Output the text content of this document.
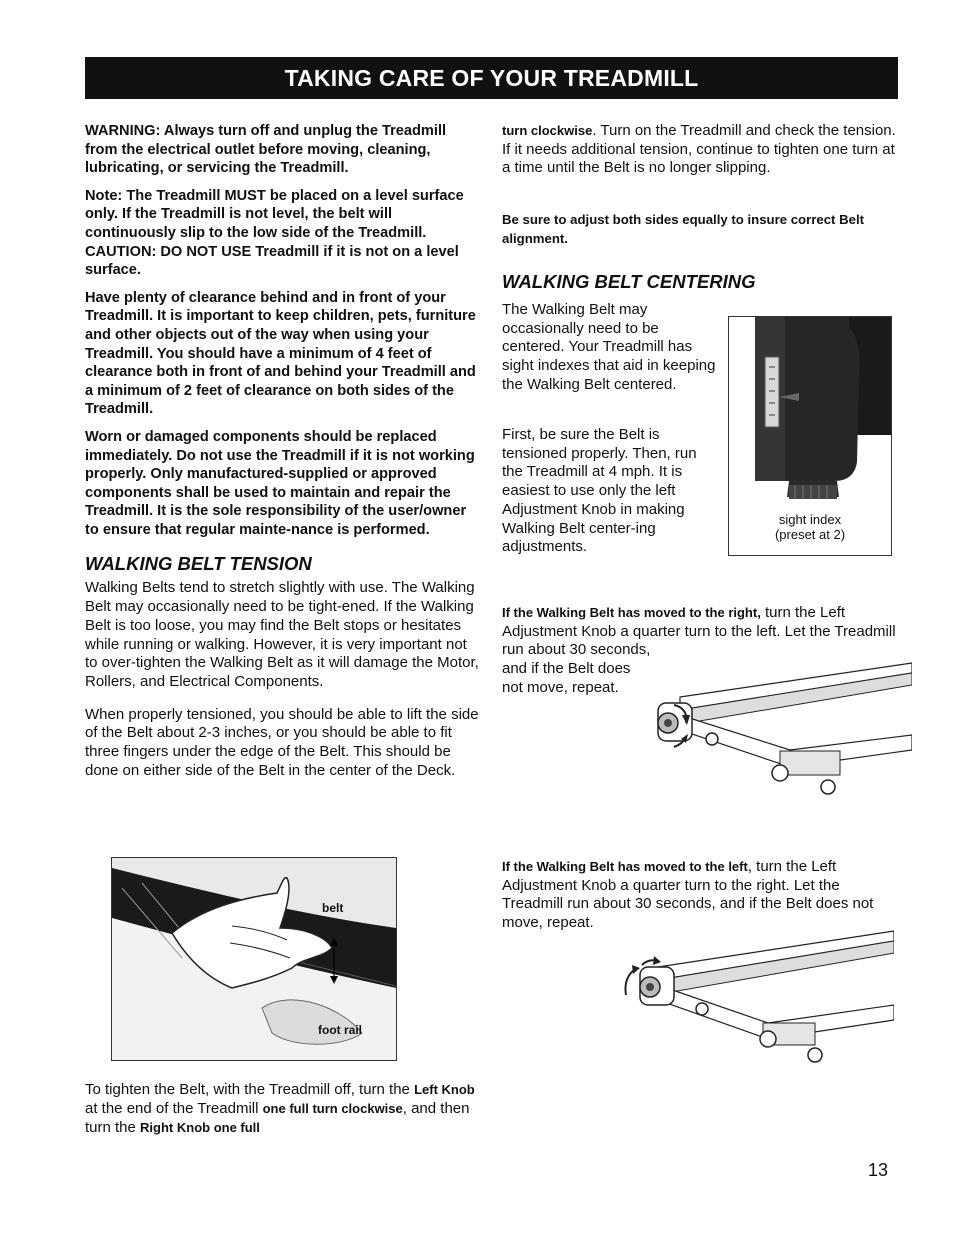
TAKING CARE OF YOUR TREADMILL

WARNING: Always turn off and unplug the Treadmill from the electrical outlet before moving, cleaning, lubricating, or servicing the Treadmill.

Note: The Treadmill MUST be placed on a level surface only. If the Treadmill is not level, the belt will continuously slip to the low side of the Treadmill. CAUTION: DO NOT USE Treadmill if it is not on a level surface.

Have plenty of clearance behind and in front of your Treadmill. It is important to keep children, pets, furniture and other objects out of the way when using your Treadmill. You should have a minimum of 4 feet of clearance both in front of and behind your Treadmill and a minimum of 2 feet of clearance on both sides of the Treadmill.

Worn or damaged components should be replaced immediately. Do not use the Treadmill if it is not working properly. Only manufactured-supplied or approved components shall be used to maintain and repair the Treadmill. It is the sole responsibility of the user/owner to ensure that regular mainte-nance is performed.

WALKING BELT TENSION

Walking Belts tend to stretch slightly with use. The Walking Belt may occasionally need to be tight-ened. If the Walking Belt is too loose, you may find the Belt stops or hesitates while running or walking. However, it is very important not to over-tighten the Walking Belt as it will damage the Motor, Rollers, and Electrical Components.

When properly tensioned, you should be able to lift the side of the Belt about 2-3 inches, or you should be able to fit three fingers under the edge of the Belt. This should be done on either side of the Belt in the center of the Deck.

belt
foot rail
To tighten the Belt, with the Treadmill off, turn the Left Knob at the end of the Treadmill one full turn clockwise, and then turn the Right Knob one full
turn clockwise. Turn on the Treadmill and check the tension. If it needs additional tension, continue to tighten one turn at a time until the Belt is no longer slipping.

Be sure to adjust both sides equally to insure correct Belt alignment.

WALKING BELT CENTERING

The Walking Belt may occasionally need to be centered. Your Treadmill has sight indexes that aid in keeping the Walking Belt centered.

First, be sure the Belt is tensioned properly. Then, run the Treadmill at 4 mph. It is easiest to use only the left Adjustment Knob in making Walking Belt center-ing adjustments.

sight index
(preset at 2)
If the Walking Belt has moved to the right, turn the Left Adjustment Knob a quarter turn to the left. Let the Treadmill run about 30 seconds,
and if the Belt does not move, repeat.
If the Walking Belt has moved to the left, turn the Left Adjustment Knob a quarter turn to the right. Let the Treadmill run about 30 seconds, and if the Belt does not move, repeat.
13
